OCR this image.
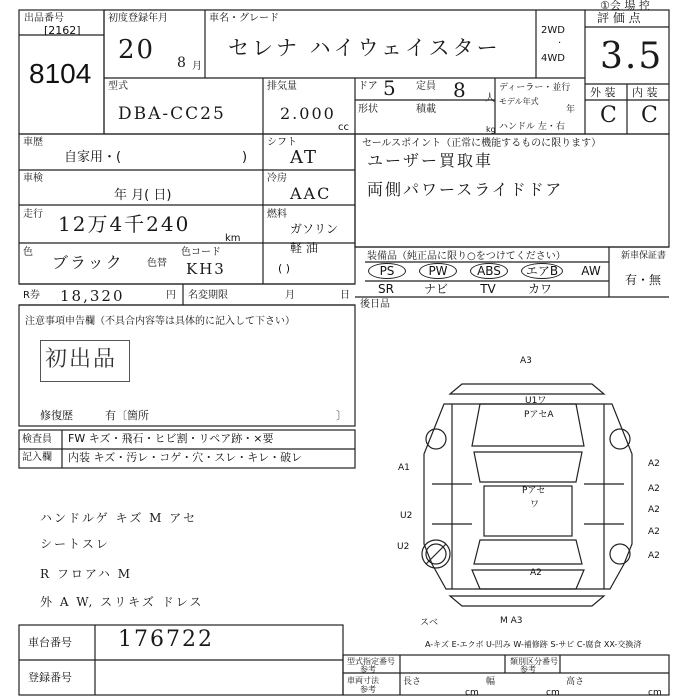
①会 場 控
出品番号
[2162]
8104
初度登録年月
20 8 月
車名・グレード
セレナ ハイウェイスター
2WD
·
4WD
評 価 点
3.5
外 装 内 装
C C
型式
DBA-CC25
排気量
2.000
cc
ドア 5 定員 8 人
形状	積載
kg
ディーラー・並行
モデル年式
年
ハンドル 左・右
車歴
自家用・(	)
シフト
AT
車検
年 月( 日)
冷房
AAC
走行 12万4千240
km
燃料
ガソリン
軽 油
( )
色
ブラック 色替
色コード
KH3
R券 18,320	円 名変期限	月	日
セールスポイント（正常に機能するものに限ります）
ユーザー買取車
両側パワースライドドア
装備品（純正品に限り○をつけてください）	新車保証書
有・無
PS	PW	ABS	エアB	AW
SR	ナビ	TV	カワ
後日品
注意事項申告欄（不具合内容等は具体的に記入して下さい）
初出品
修復歴	有〔箇所	〕
検査員
記入欄
FW キズ・飛石・ヒビ割・リペア跡・×要
内装 キズ・汚レ・コゲ・穴・スレ・キレ・破レ
ハンドルゲ キズ M アセ
シートスレ
R フロアハ M
外 A W, スリキズ ドレス
A3
U1ワ
PアセA
A1	A2
Pアセ
ワ
A2
U2
A2
U2
A2
A2
A2
スベ	M A3
A-キズ E-エクボ U-凹み W-補修跡 S-サビ C-腐食 XX-交換済
車台番号 176722
登録番号
型式指定番号
参考
類別区分番号
参考
車両寸法
参考
長さ
cm
幅
cm
高さ
cm
